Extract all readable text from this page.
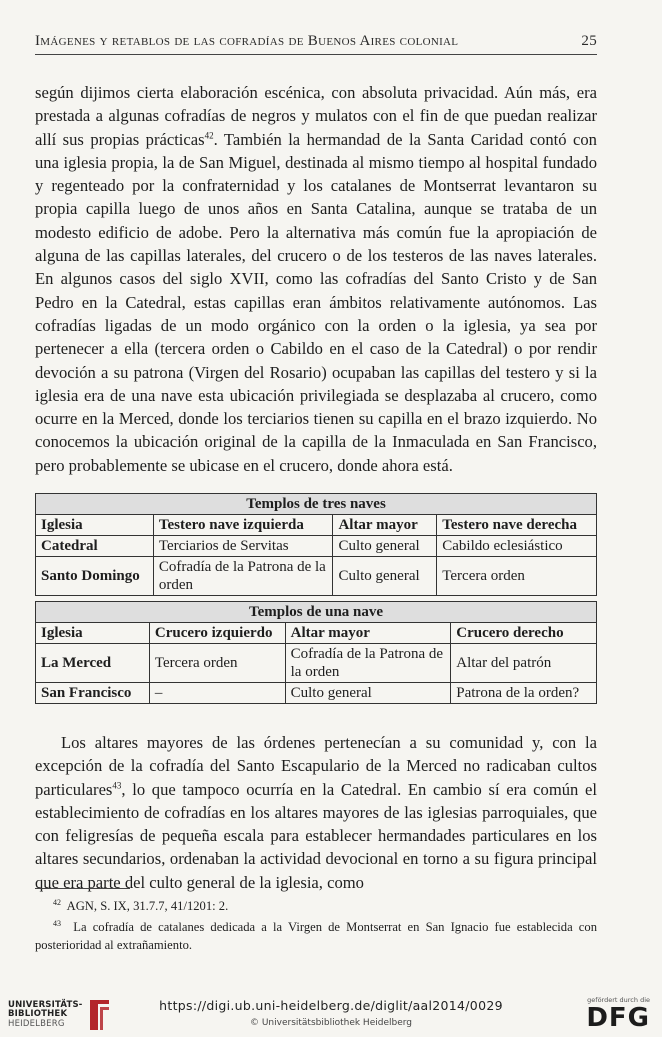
Imágenes y retablos de las cofradías de Buenos Aires colonial	25
según dijimos cierta elaboración escénica, con absoluta privacidad. Aún más, era prestada a algunas cofradías de negros y mulatos con el fin de que puedan realizar allí sus propias prácticas$^{42}$. También la hermandad de la Santa Caridad contó con una iglesia propia, la de San Miguel, destinada al mismo tiempo al hospital fundado y regenteado por la confraternidad y los catalanes de Montserrat levantaron su propia capilla luego de unos años en Santa Catalina, aunque se trataba de un modesto edificio de adobe. Pero la alternativa más común fue la apropiación de alguna de las capillas laterales, del crucero o de los testeros de las naves laterales. En algunos casos del siglo XVII, como las cofradías del Santo Cristo y de San Pedro en la Catedral, estas capillas eran ámbitos relativamente autónomos. Las cofradías ligadas de un modo orgánico con la orden o la iglesia, ya sea por pertenecer a ella (tercera orden o Cabildo en el caso de la Catedral) o por rendir devoción a su patrona (Virgen del Rosario) ocupaban las capillas del testero y si la iglesia era de una nave esta ubicación privilegiada se desplazaba al crucero, como ocurre en la Merced, donde los terciarios tienen su capilla en el brazo izquierdo. No conocemos la ubicación original de la capilla de la Inmaculada en San Francisco, pero probablemente se ubicase en el crucero, donde ahora está.
Templos de tres naves			
Iglesia	Testero nave izquierda	Altar mayor	Testero nave derecha
Catedral	Terciarios de Servitas	Culto general	Cabildo eclesiástico
Santo Domingo	Cofradía de la Patrona de la orden	Culto general	Tercera orden
Templos de una nave			
Iglesia	Crucero izquierdo	Altar mayor	Crucero derecho
La Merced	Tercera orden	Cofradía de la Patrona de la orden	Altar del patrón
San Francisco	–	Culto general	Patrona de la orden?
Los altares mayores de las órdenes pertenecían a su comunidad y, con la excepción de la cofradía del Santo Escapulario de la Merced no radicaban cultos particulares$^{43}$, lo que tampoco ocurría en la Catedral. En cambio sí era común el establecimiento de cofradías en los altares mayores de las iglesias parroquiales, que con feligresías de pequeña escala para establecer hermandades particulares en los altares secundarios, ordenaban la actividad devocional en torno a su figura principal que era parte del culto general de la iglesia, como
$^{42}$ AGN, S. IX, 31.7.7, 41/1201: 2.
$^{43}$ La cofradía de catalanes dedicada a la Virgen de Montserrat en San Ignacio fue establecida con posterioridad al extrañamiento.
UNIVERSITÄTS-
BIBLIOTHEK
HEIDELBERG
https://digi.ub.uni-heidelberg.de/diglit/aal2014/0029
© Universitätsbibliothek Heidelberg
gefördert durch die
DFG
